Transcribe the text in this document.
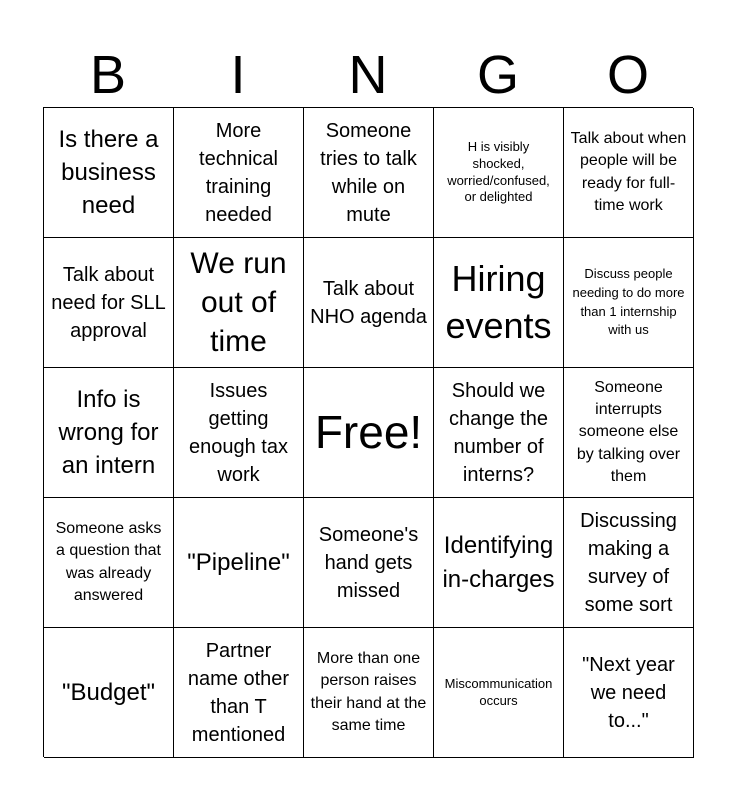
B	I	N	G	O
Is there a business need
More technical training needed
Someone tries to talk while on mute
H is visibly shocked, worried/confused, or delighted
Talk about when people will be ready for full-time work
Talk about need for SLL approval
We run out of time
Talk about NHO agenda
Hiring events
Discuss people needing to do more than 1 internship with us
Info is wrong for an intern
Issues getting enough tax work
Free!
Should we change the number of interns?
Someone interrupts someone else by talking over them
Someone asks a question that was already answered
"Pipeline"
Someone's hand gets missed
Identifying in-charges
Discussing making a survey of some sort
"Budget"
Partner name other than T mentioned
More than one person raises their hand at the same time
Miscommunication occurs
"Next year we need to..."
